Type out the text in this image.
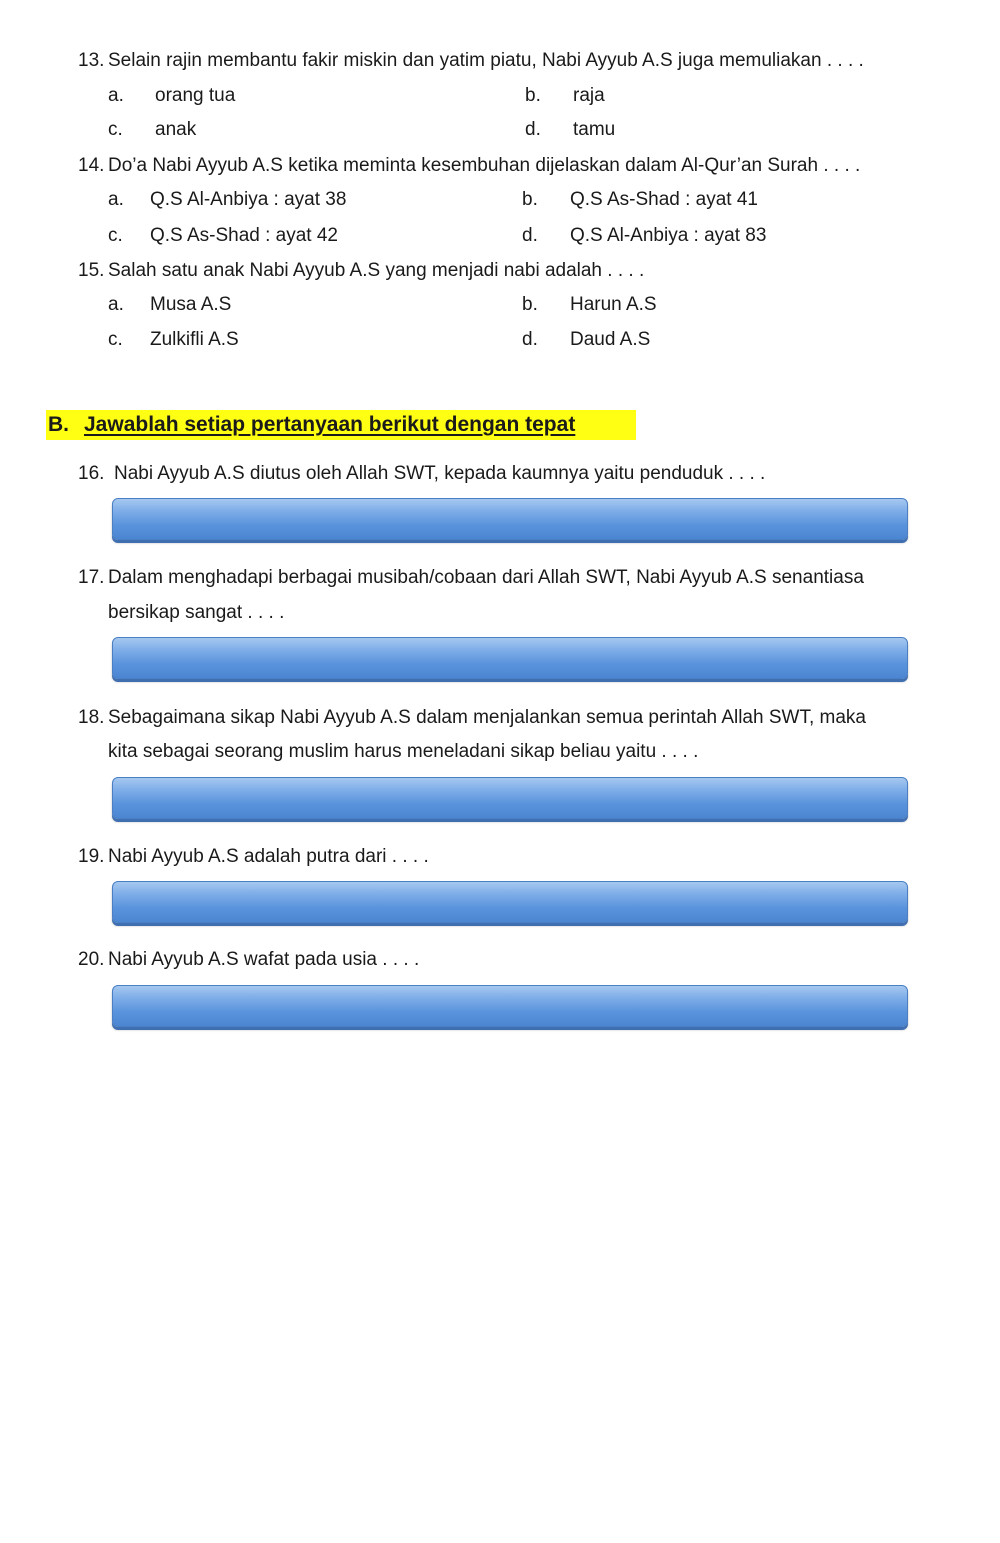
13. Selain rajin membantu fakir miskin dan yatim piatu, Nabi Ayyub A.S juga memuliakan . . . .
a. orang tua	b. raja
c. anak	d. tamu
14. Do’a Nabi Ayyub A.S ketika meminta kesembuhan dijelaskan dalam Al-Qur’an Surah . . . .
a. Q.S Al-Anbiya : ayat 38	b. Q.S As-Shad : ayat 41
c. Q.S As-Shad : ayat 42	d. Q.S Al-Anbiya : ayat 83
15. Salah satu anak Nabi Ayyub A.S yang menjadi nabi adalah . . . .
a. Musa A.S	b. Harun A.S
c. Zulkifli A.S	d. Daud A.S
B. Jawablah setiap pertanyaan berikut dengan tepat
16. Nabi Ayyub A.S diutus oleh Allah SWT, kepada kaumnya yaitu penduduk . . . .
17. Dalam menghadapi berbagai musibah/cobaan dari Allah SWT, Nabi Ayyub A.S senantiasa
bersikap sangat . . . .
18. Sebagaimana sikap Nabi Ayyub A.S dalam menjalankan semua perintah Allah SWT, maka
kita sebagai seorang muslim harus meneladani sikap beliau yaitu . . . .
19. Nabi Ayyub A.S adalah putra dari . . . .
20. Nabi Ayyub A.S wafat pada usia . . . .
